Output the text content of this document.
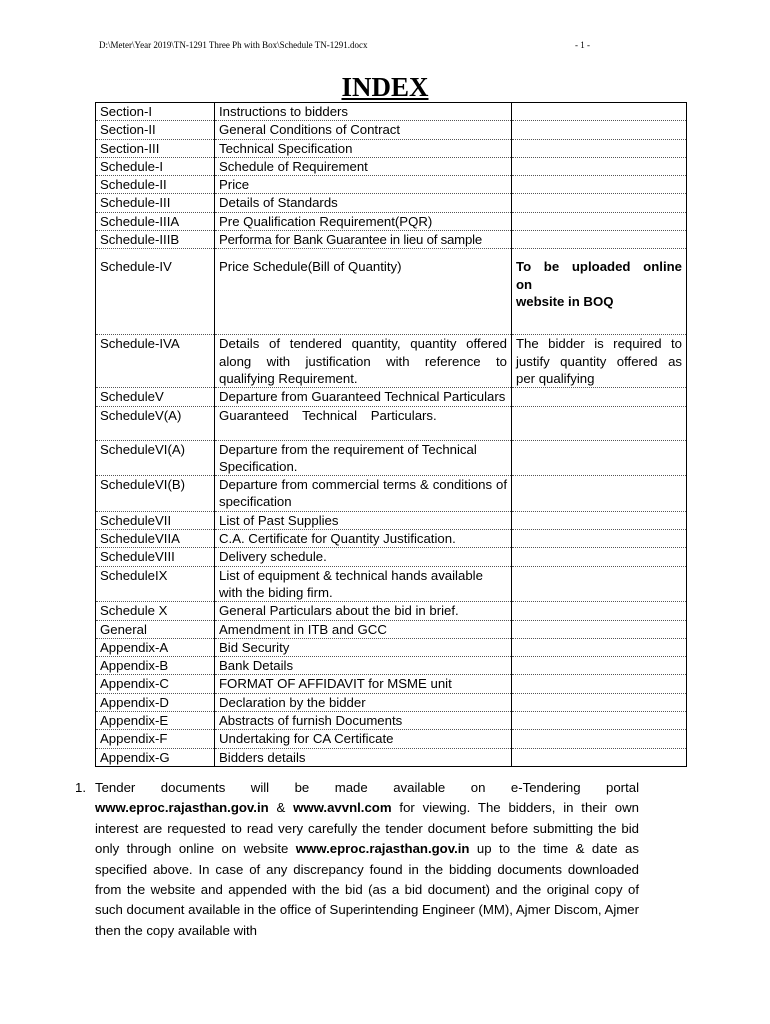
D:\Meter\Year 2019\TN-1291 Three Ph with Box\Schedule TN-1291.docx	- 1 -
INDEX
Section-I	Instructions to bidders	
Section-II	General Conditions of Contract	
Section-III	Technical Specification	
Schedule-I	Schedule of Requirement	
Schedule-II	Price	
Schedule-III	Details of Standards	
Schedule-IIIA	Pre Qualification Requirement(PQR)	
Schedule-IIIB	Performa for Bank Guarantee in lieu of sample	
Schedule-IV	Price Schedule(Bill of Quantity)	To be uploaded online
on
website in BOQ

Schedule-IVA	Details of tendered quantity, quantity offered along with justification with reference to qualifying Requirement.	The bidder is required to justify quantity offered as per qualifying
ScheduleV	Departure from Guaranteed Technical Particulars	
ScheduleV(A)	Guaranteed Technical Particulars.	
ScheduleVI(A)	Departure from the requirement of Technical Specification.	
ScheduleVI(B)	Departure from commercial terms & conditions of specification	
ScheduleVII	List of Past Supplies	
ScheduleVIIA	C.A. Certificate for Quantity Justification.	
ScheduleVIII	Delivery schedule.	
ScheduleIX	List of equipment & technical hands available with the biding firm.	
Schedule X	General Particulars about the bid in brief.	
General	Amendment in ITB and GCC	
Appendix-A	Bid Security	
Appendix-B	Bank Details	
Appendix-C	FORMAT OF AFFIDAVIT for MSME unit	
Appendix-D	Declaration by the bidder	
Appendix-E	Abstracts of furnish Documents	
Appendix-F	Undertaking for CA Certificate	
Appendix-G	Bidders details	
1. Tender documents will be made available on e-Tendering portal
www.eproc.rajasthan.gov.in & www.avvnl.com for viewing. The bidders, in their own interest are requested to read very carefully the tender document before submitting the bid only through online on website www.eproc.rajasthan.gov.in up to the time & date as specified above. In case of any discrepancy found in the bidding documents downloaded from the website and appended with the bid (as a bid document) and the original copy of such document available in the office of Superintending Engineer (MM), Ajmer Discom, Ajmer then the copy available with
